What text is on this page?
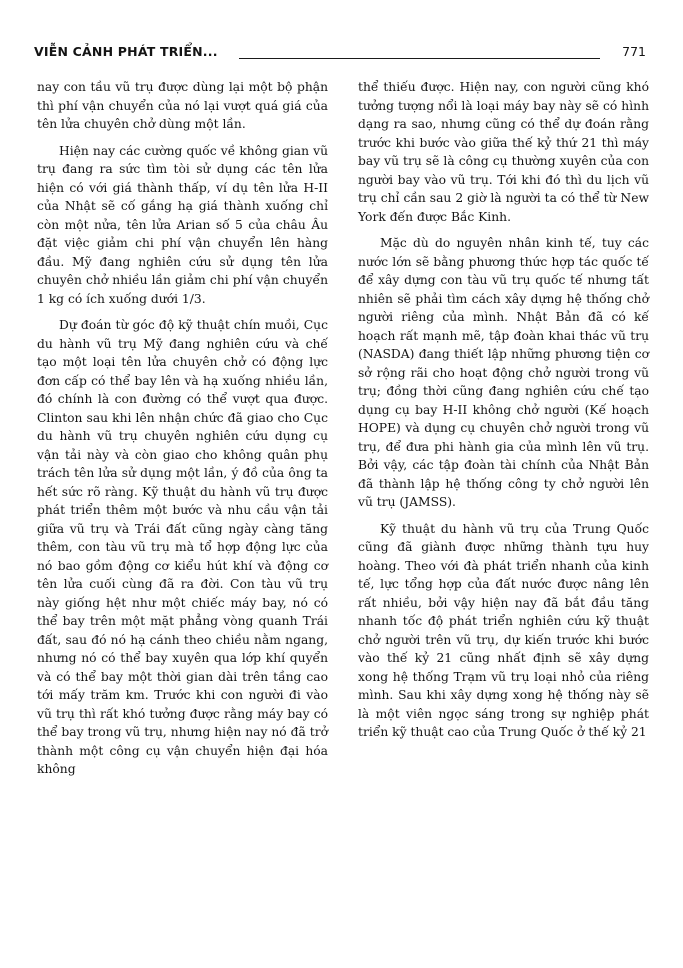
VIỄN CẢNH PHÁT TRIỂN...	771

nay con tầu vũ trụ được dùng lại một bộ phận thì phí vận chuyển của nó lại vượt quá giá của tên lửa chuyên chở dùng một lần.

Hiện nay các cường quốc về không gian vũ trụ đang ra sức tìm tòi sử dụng các tên lửa hiện có với giá thành thấp, ví dụ tên lửa H-II của Nhật sẽ cố gắng hạ giá thành xuống chỉ còn một nửa, tên lửa Arian số 5 của châu Âu đặt việc giảm chi phí vận chuyển lên hàng đầu. Mỹ đang nghiên cứu sử dụng tên lửa chuyên chở nhiều lần giảm chi phí vận chuyển 1 kg có ích xuống dưới 1/3.

Dự đoán từ góc độ kỹ thuật chín muồi, Cục du hành vũ trụ Mỹ đang nghiên cứu và chế tạo một loại tên lửa chuyên chở có động lực đơn cấp có thể bay lên và hạ xuống nhiều lần, đó chính là con đường có thể vượt qua được. Clinton sau khi lên nhận chức đã giao cho Cục du hành vũ trụ chuyên nghiên cứu dụng cụ vận tải này và còn giao cho không quân phụ trách tên lửa sử dụng một lần, ý đồ của ông ta hết sức rõ ràng. Kỹ thuật du hành vũ trụ được phát triển thêm một bước và nhu cầu vận tải giữa vũ trụ và Trái đất cũng ngày càng tăng thêm, con tàu vũ trụ mà tổ hợp động lực của nó bao gồm động cơ kiểu hút khí và động cơ tên lửa cuối cùng đã ra đời. Con tàu vũ trụ này giống hệt như một chiếc máy bay, nó có thể bay trên một mặt phẳng vòng quanh Trái đất, sau đó nó hạ cánh theo chiều nằm ngang, nhưng nó có thể bay xuyên qua lớp khí quyển và có thể bay một thời gian dài trên tầng cao tới mấy trăm km. Trước khi con người đi vào vũ trụ thì rất khó tưởng được rằng máy bay có thể bay trong vũ trụ, nhưng hiện nay nó đã trở thành một công cụ vận chuyển hiện đại hóa không

thể thiếu được. Hiện nay, con người cũng khó tưởng tượng nổi là loại máy bay này sẽ có hình dạng ra sao, nhưng cũng có thể dự đoán rằng trước khi bước vào giữa thế kỷ thứ 21 thì máy bay vũ trụ sẽ là công cụ thường xuyên của con người bay vào vũ trụ. Tới khi đó thì du lịch vũ trụ chỉ cần sau 2 giờ là người ta có thể từ New York đến được Bắc Kinh.

Mặc dù do nguyên nhân kinh tế, tuy các nước lớn sẽ bằng phương thức hợp tác quốc tế để xây dựng con tàu vũ trụ quốc tế nhưng tất nhiên sẽ phải tìm cách xây dựng hệ thống chở người riêng của mình. Nhật Bản đã có kế hoạch rất mạnh mẽ, tập đoàn khai thác vũ trụ (NASDA) đang thiết lập những phương tiện cơ sở rộng rãi cho hoạt động chở người trong vũ trụ; đồng thời cũng đang nghiên cứu chế tạo dụng cụ bay H-II không chở người (Kế hoạch HOPE) và dụng cụ chuyên chở người trong vũ trụ, để đưa phi hành gia của mình lên vũ trụ. Bởi vậy, các tập đoàn tài chính của Nhật Bản đã thành lập hệ thống công ty chở người lên vũ trụ (JAMSS).

Kỹ thuật du hành vũ trụ của Trung Quốc cũng đã giành được những thành tựu huy hoàng. Theo với đà phát triển nhanh của kinh tế, lực tổng hợp của đất nước được nâng lên rất nhiều, bởi vậy hiện nay đã bắt đầu tăng nhanh tốc độ phát triển nghiên cứu kỹ thuật chở người trên vũ trụ, dự kiến trước khi bước vào thế kỷ 21 cũng nhất định sẽ xây dựng xong hệ thống Trạm vũ trụ loại nhỏ của riêng mình. Sau khi xây dựng xong hệ thống này sẽ là một viên ngọc sáng trong sự nghiệp phát triển kỹ thuật cao của Trung Quốc ở thế kỷ 21
